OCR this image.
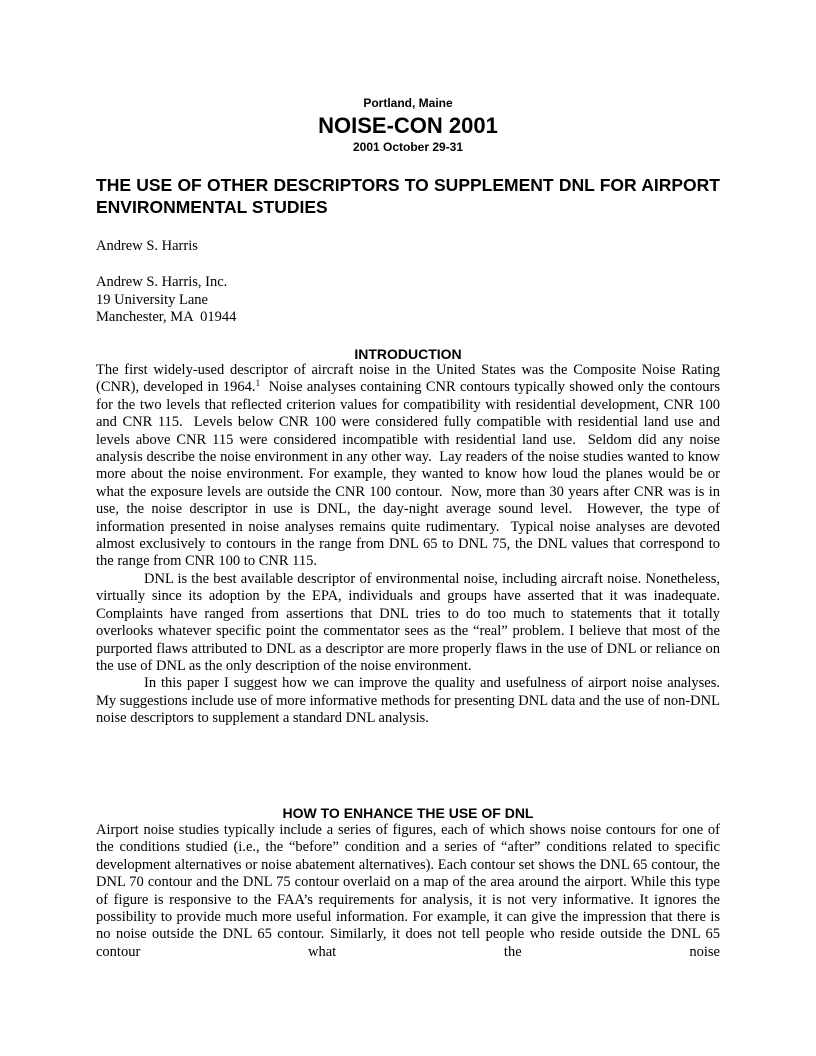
Portland, Maine
NOISE-CON 2001
2001 October 29-31
THE USE OF OTHER DESCRIPTORS TO SUPPLEMENT DNL FOR AIRPORT ENVIRONMENTAL STUDIES
Andrew S. Harris
Andrew S. Harris, Inc.
19 University Lane
Manchester, MA  01944
INTRODUCTION

The first widely-used descriptor of aircraft noise in the United States was the Composite Noise Rating (CNR), developed in 1964.$^1$  Noise analyses containing CNR contours typically showed only the contours for the two levels that reflected criterion values for compatibility with residential development, CNR 100 and CNR 115.  Levels below CNR 100 were considered fully compatible with residential land use and levels above CNR 115 were considered incompatible with residential land use.  Seldom did any noise analysis describe the noise environment in any other way.  Lay readers of the noise studies wanted to know more about the noise environment. For example, they wanted to know how loud the planes would be or what the exposure levels are outside the CNR 100 contour.  Now, more than 30 years after CNR was is in use, the noise descriptor in use is DNL, the day-night average sound level.  However, the type of information presented in noise analyses remains quite rudimentary.  Typical noise analyses are devoted almost exclusively to contours in the range from DNL 65 to DNL 75, the DNL values that correspond to the range from CNR 100 to CNR 115.

DNL is the best available descriptor of environmental noise, including aircraft noise. Nonetheless, virtually since its adoption by the EPA, individuals and groups have asserted that it was inadequate. Complaints have ranged from assertions that DNL tries to do too much to statements that it totally overlooks whatever specific point the commentator sees as the “real” problem. I believe that most of the purported flaws attributed to DNL as a descriptor are more properly flaws in the use of DNL or reliance on the use of DNL as the only description of the noise environment.

In this paper I suggest how we can improve the quality and usefulness of airport noise analyses. My suggestions include use of more informative methods for presenting DNL data and the use of non-DNL noise descriptors to supplement a standard DNL analysis.

HOW TO ENHANCE THE USE OF DNL

Airport noise studies typically include a series of figures, each of which shows noise contours for one of the conditions studied (i.e., the “before” condition and a series of “after” conditions related to specific development alternatives or noise abatement alternatives). Each contour set shows the DNL 65 contour, the DNL 70 contour and the DNL 75 contour overlaid on a map of the area around the airport. While this type of figure is responsive to the FAA’s requirements for analysis, it is not very informative. It ignores the possibility to provide much more useful information. For example, it can give the impression that there is no noise outside the DNL 65 contour. Similarly, it does not tell people who reside outside the DNL 65 contour what the noise
